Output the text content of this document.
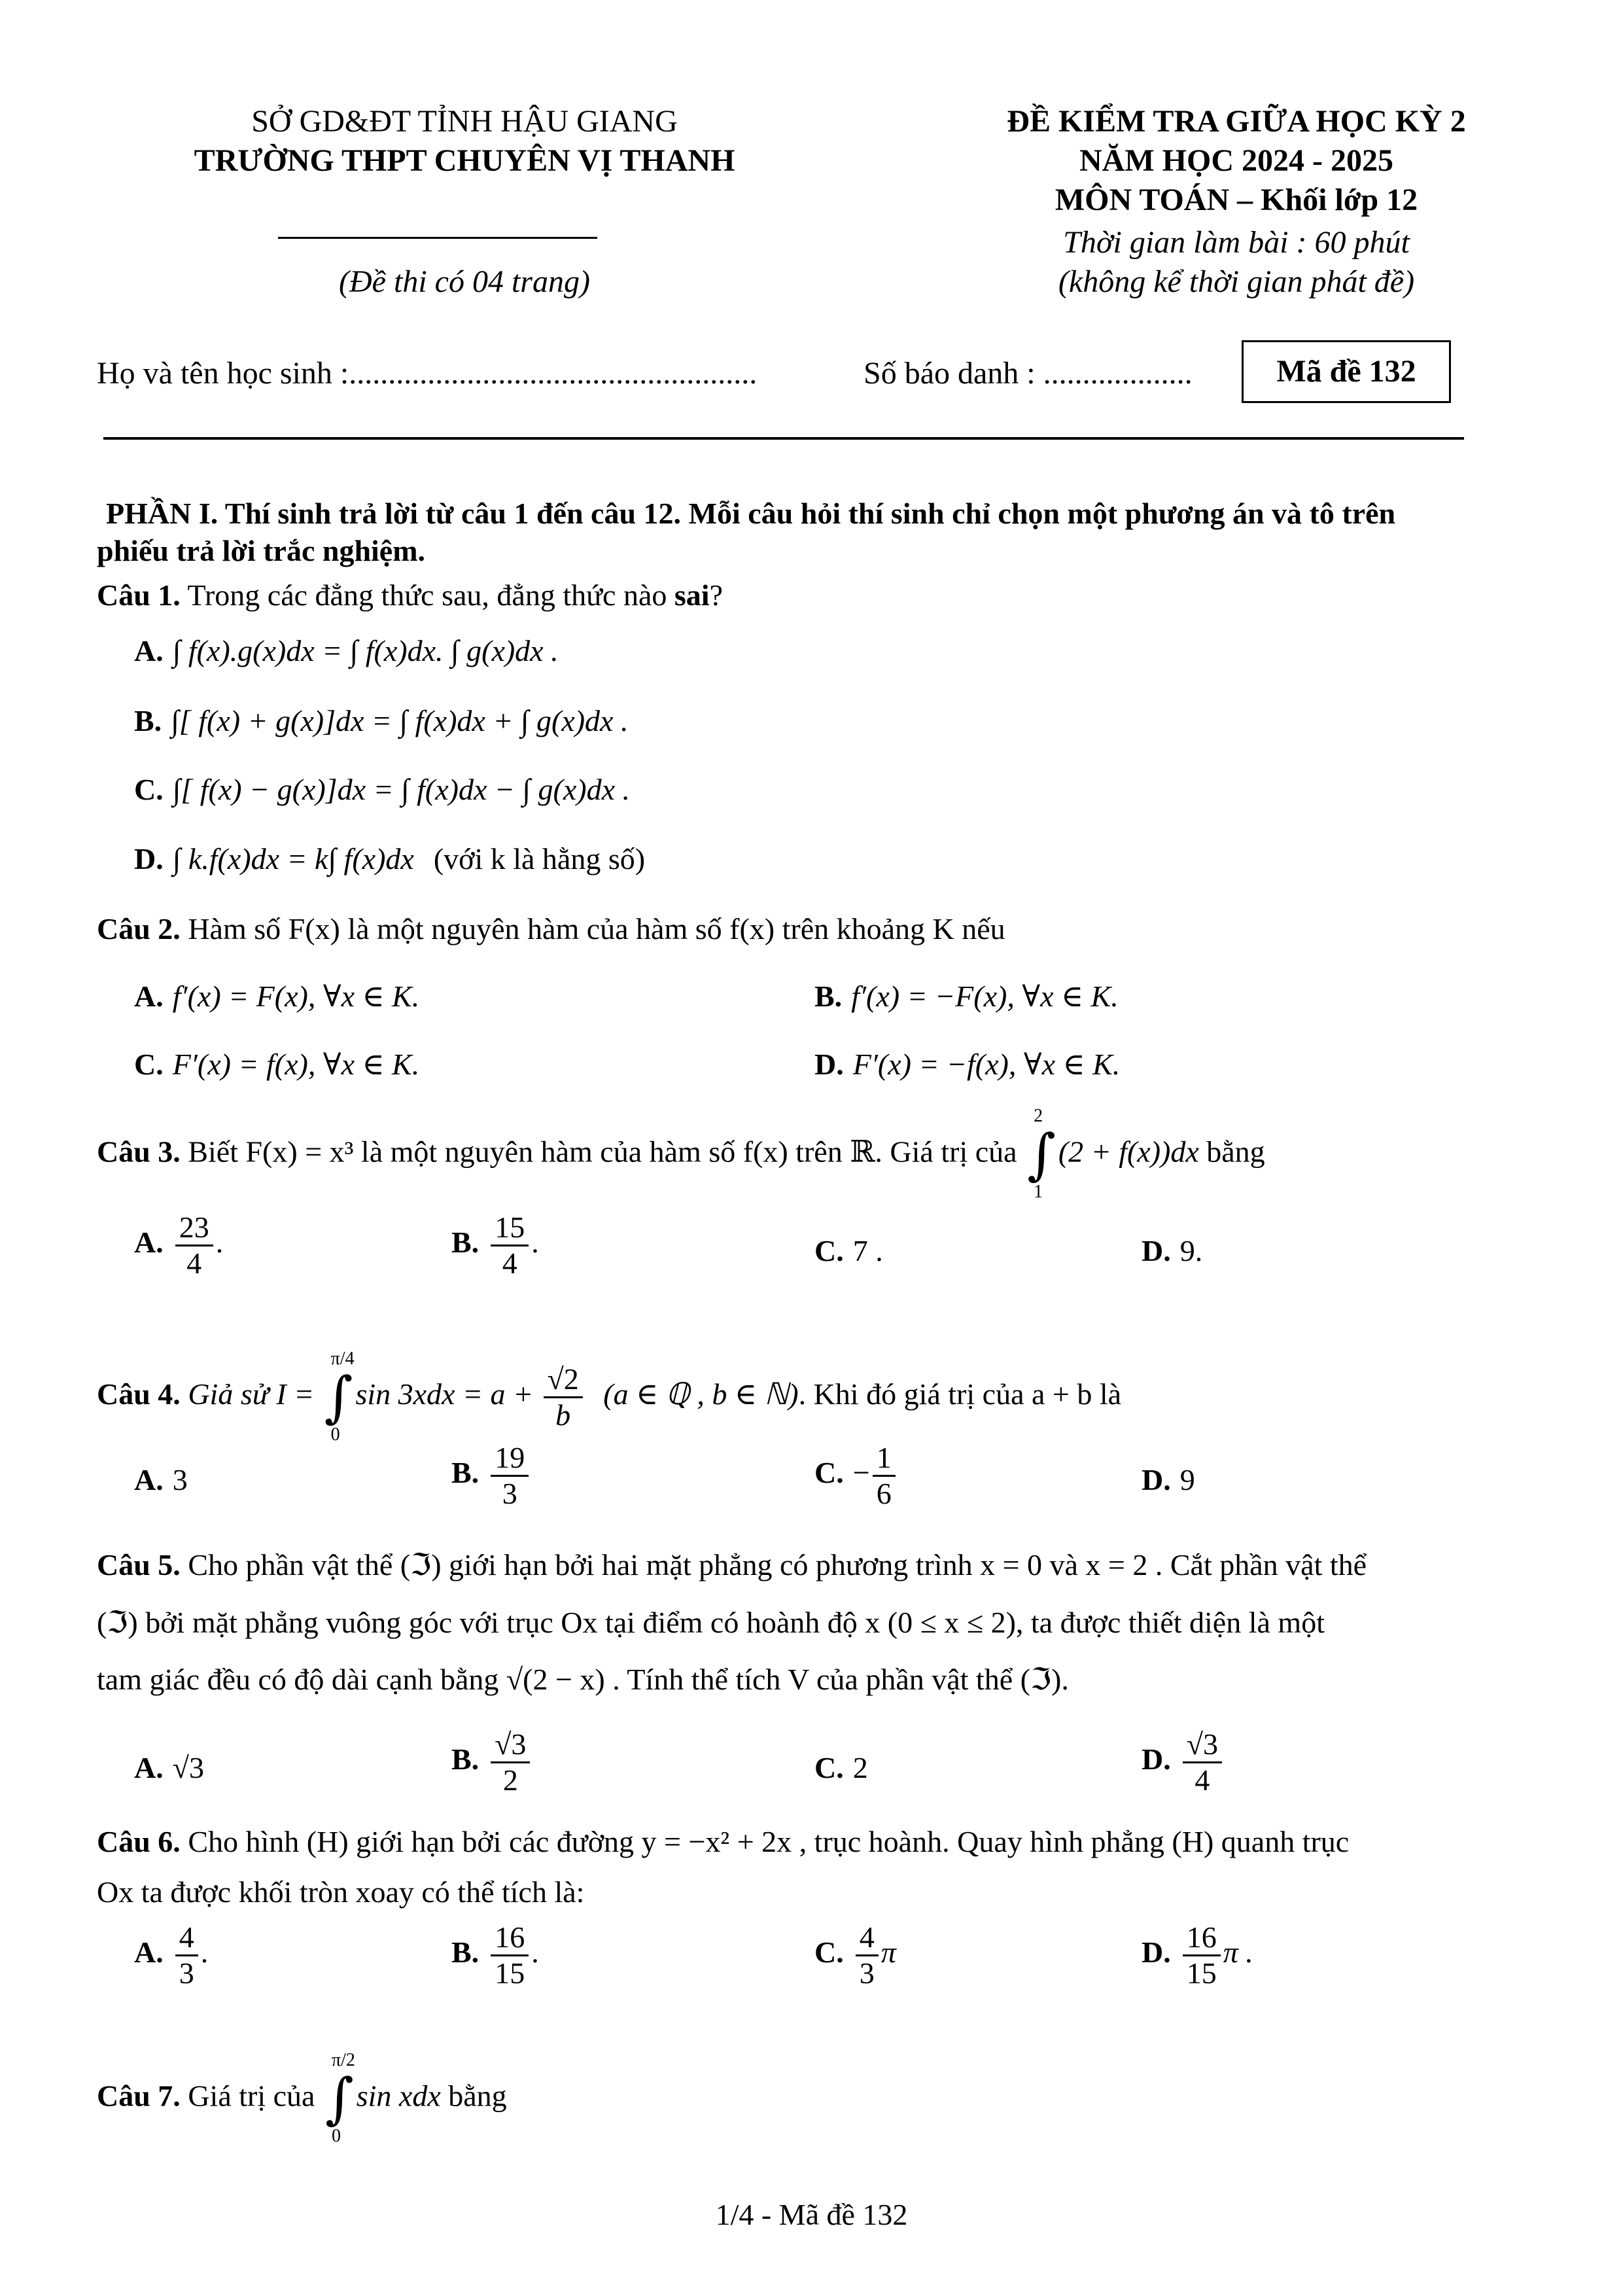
SỞ GD&ĐT TỈNH HẬU GIANG
TRƯỜNG THPT CHUYÊN VỊ THANH
(Đề thi có 04 trang)
ĐỀ KIỂM TRA GIỮA HỌC KỲ 2
NĂM HỌC 2024 - 2025
MÔN TOÁN – Khối lớp 12
Thời gian làm bài : 60 phút
(không kể thời gian phát đề)
Họ và tên học sinh :....................................................	Số báo danh : ...................	Mã đề 132
PHẦN I. Thí sinh trả lời từ câu 1 đến câu 12. Mỗi câu hỏi thí sinh chỉ chọn một phương án và tô trên
phiếu trả lời trắc nghiệm.
Câu 1. Trong các đẳng thức sau, đẳng thức nào sai?
A. ∫ f(x).g(x)dx = ∫ f(x)dx. ∫ g(x)dx .
B. ∫[ f(x) + g(x)]dx = ∫ f(x)dx + ∫ g(x)dx .
C. ∫[ f(x) − g(x)]dx = ∫ f(x)dx − ∫ g(x)dx .
D. ∫ k.f(x)dx = k∫ f(x)dx (với k là hằng số)
Câu 2. Hàm số F(x) là một nguyên hàm của hàm số f(x) trên khoảng K nếu
A. f′(x) = F(x), ∀x ∈ K.	B. f′(x) = −F(x), ∀x ∈ K.
C. F′(x) = f(x), ∀x ∈ K.	D. F′(x) = −f(x), ∀x ∈ K.
Câu 3. Biết F(x) = x³ là một nguyên hàm của hàm số f(x) trên ℝ. Giá trị của ∫
2
1
(2 + f(x))dx bằng
A. $\frac{23}{4}$ .	B. $\frac{15}{4}$ .	C. 7 .	D. 9.
Câu 4. Giả sử I = ∫
π/4
0
$\sin 3xdx = a + \frac{√2}{b} (a$ ∈ ℚ , b ∈ ℕ). Khi đó giá trị của a + b là
A. 3	B. $\frac{19}{3}$	C. − $\frac{1}{6}$	D. 9
Câu 5. Cho phần vật thể (ℑ) giới hạn bởi hai mặt phẳng có phương trình x = 0 và x = 2 . Cắt phần vật thể
(ℑ) bởi mặt phẳng vuông góc với trục Ox tại điểm có hoành độ x (0 ≤ x ≤ 2), ta được thiết diện là một
tam giác đều có độ dài cạnh bằng √(2 − x) . Tính thể tích V của phần vật thể (ℑ).
A. √3	B. $\frac{√3}{2}$	C. 2	D. $\frac{√3}{4}$
Câu 6. Cho hình (H) giới hạn bởi các đường y = −x² + 2x , trục hoành. Quay hình phẳng (H) quanh trục
Ox ta được khối tròn xoay có thể tích là:
A. $\frac{4}{3}$ .	B. $\frac{16}{15}$ .	C. $\frac{4}{3}$ π	D. $\frac{16}{15}$ π .
Câu 7. Giá trị của ∫
π/2
0
sin xdx bằng
1/4 - Mã đề 132
